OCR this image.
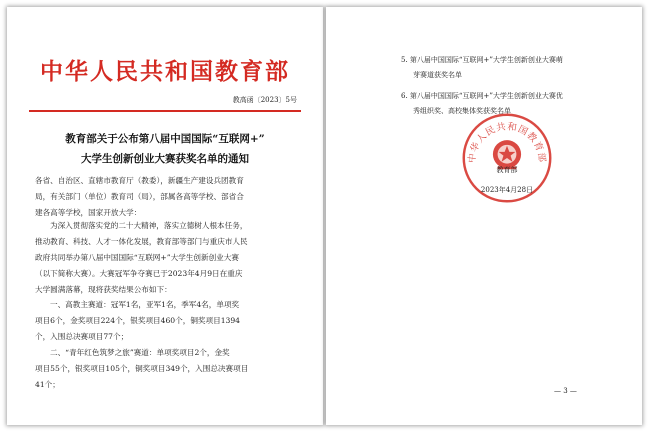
中华人民共和国教育部
教高函〔2023〕5号
教育部关于公布第八届中国国际“互联网+”
大学生创新创业大赛获奖名单的通知
各省、自治区、直辖市教育厅（教委），新疆生产建设兵团教育
局，有关部门（单位）教育司（局），部属各高等学校、部省合
建各高等学校，国家开放大学：
为深入贯彻落实党的二十大精神，落实立德树人根本任务，
推动教育、科技、人才一体化发展，教育部等部门与重庆市人民
政府共同举办第八届中国国际“互联网+”大学生创新创业大赛
（以下简称大赛）。大赛冠军争夺赛已于2023年4月9日在重庆
大学圆满落幕，现将获奖结果公布如下：
一、高教主赛道：冠军1名，亚军1名，季军4名，单项奖
项目6个，金奖项目224个，银奖项目460个，铜奖项目1394
个，入围总决赛项目77个；
二、“青年红色筑梦之旅”赛道：单项奖项目2个，金奖
项目55个，银奖项目105个，铜奖项目349个，入围总决赛项目
41个；
5. 第八届中国国际“互联网+”大学生创新创业大赛萌
芽赛道获奖名单
6. 第八届中国国际“互联网+”大学生创新创业大赛优
秀组织奖、高校集体奖获奖名单
中华人民共和国教育部
教育部
2023年4月28日
— 3 —
